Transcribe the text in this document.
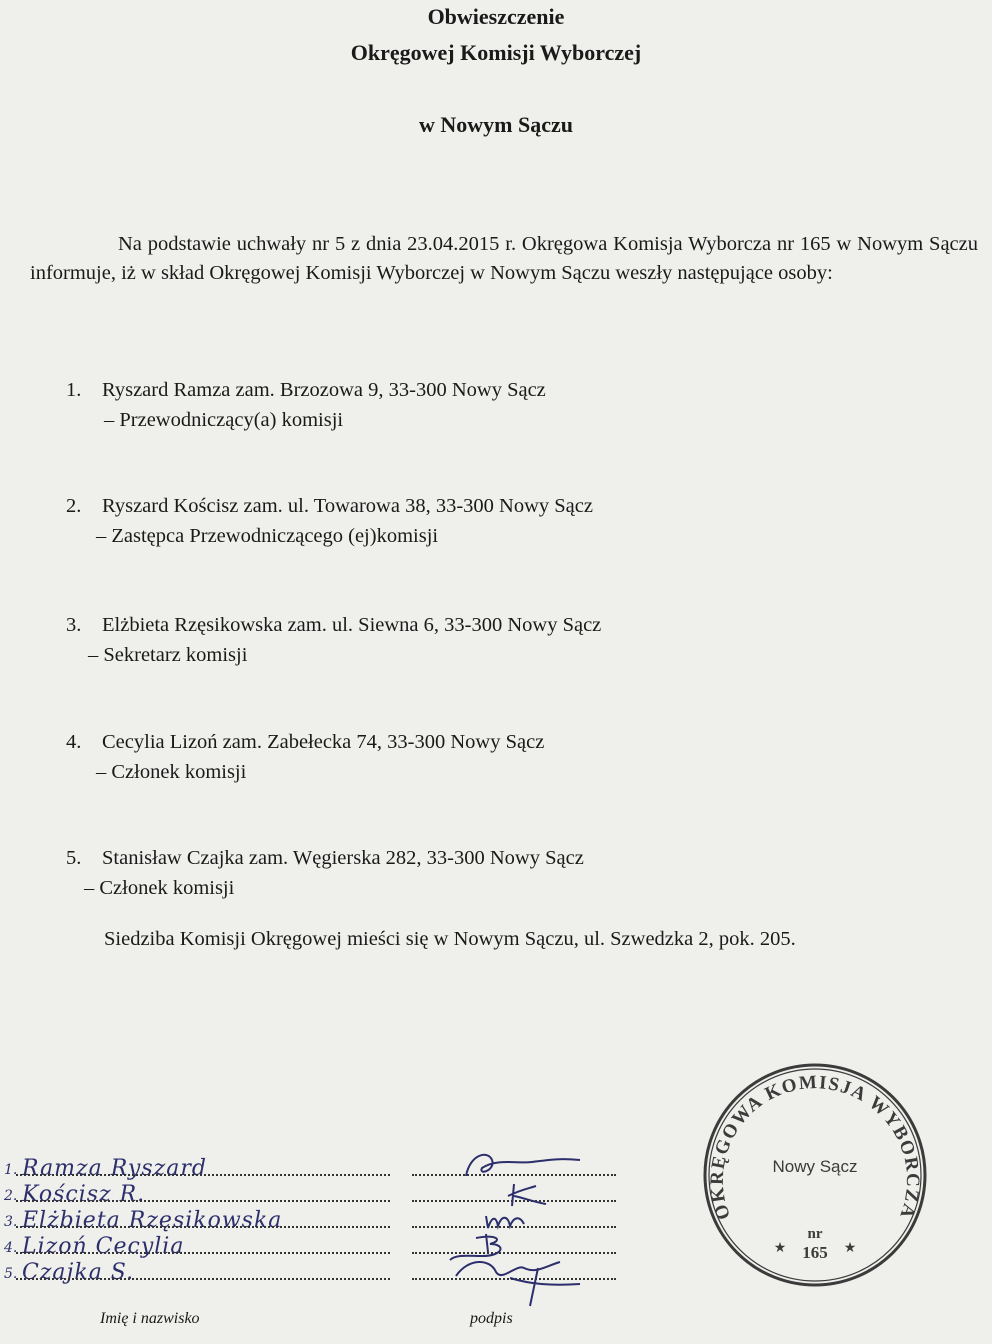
Obwieszczenie
Okręgowej Komisji Wyborczej
w Nowym Sączu
Na podstawie uchwały nr 5 z dnia 23.04.2015 r. Okręgowa Komisja Wyborcza nr 165 w Nowym Sączu informuje, iż w skład Okręgowej Komisji Wyborczej w Nowym Sączu weszły następujące osoby:
1. Ryszard Ramza zam. Brzozowa 9, 33-300 Nowy Sącz
– Przewodniczący(a) komisji
2. Ryszard Kościsz zam. ul. Towarowa 38, 33-300 Nowy Sącz
– Zastępca Przewodniczącego (ej)komisji
3. Elżbieta Rzęsikowska zam. ul. Siewna 6, 33-300 Nowy Sącz
– Sekretarz komisji
4. Cecylia Lizoń zam. Zabełecka 74, 33-300 Nowy Sącz
– Członek komisji
5. Stanisław Czajka zam. Węgierska 282, 33-300 Nowy Sącz
– Członek komisji
Siedziba Komisji Okręgowej mieści się w Nowym Sączu, ul. Szwedzka 2, pok. 205.
1. Ramza Ryszard
2. Kościsz R.
3. Elżbieta Rzęsikowska
4. Lizoń Cecylia
5. Czajka S.
Imię i nazwisko	podpis
OKRĘGOWA KOMISJA WYBORCZA
Nowy Sącz
nr
165
★	★
